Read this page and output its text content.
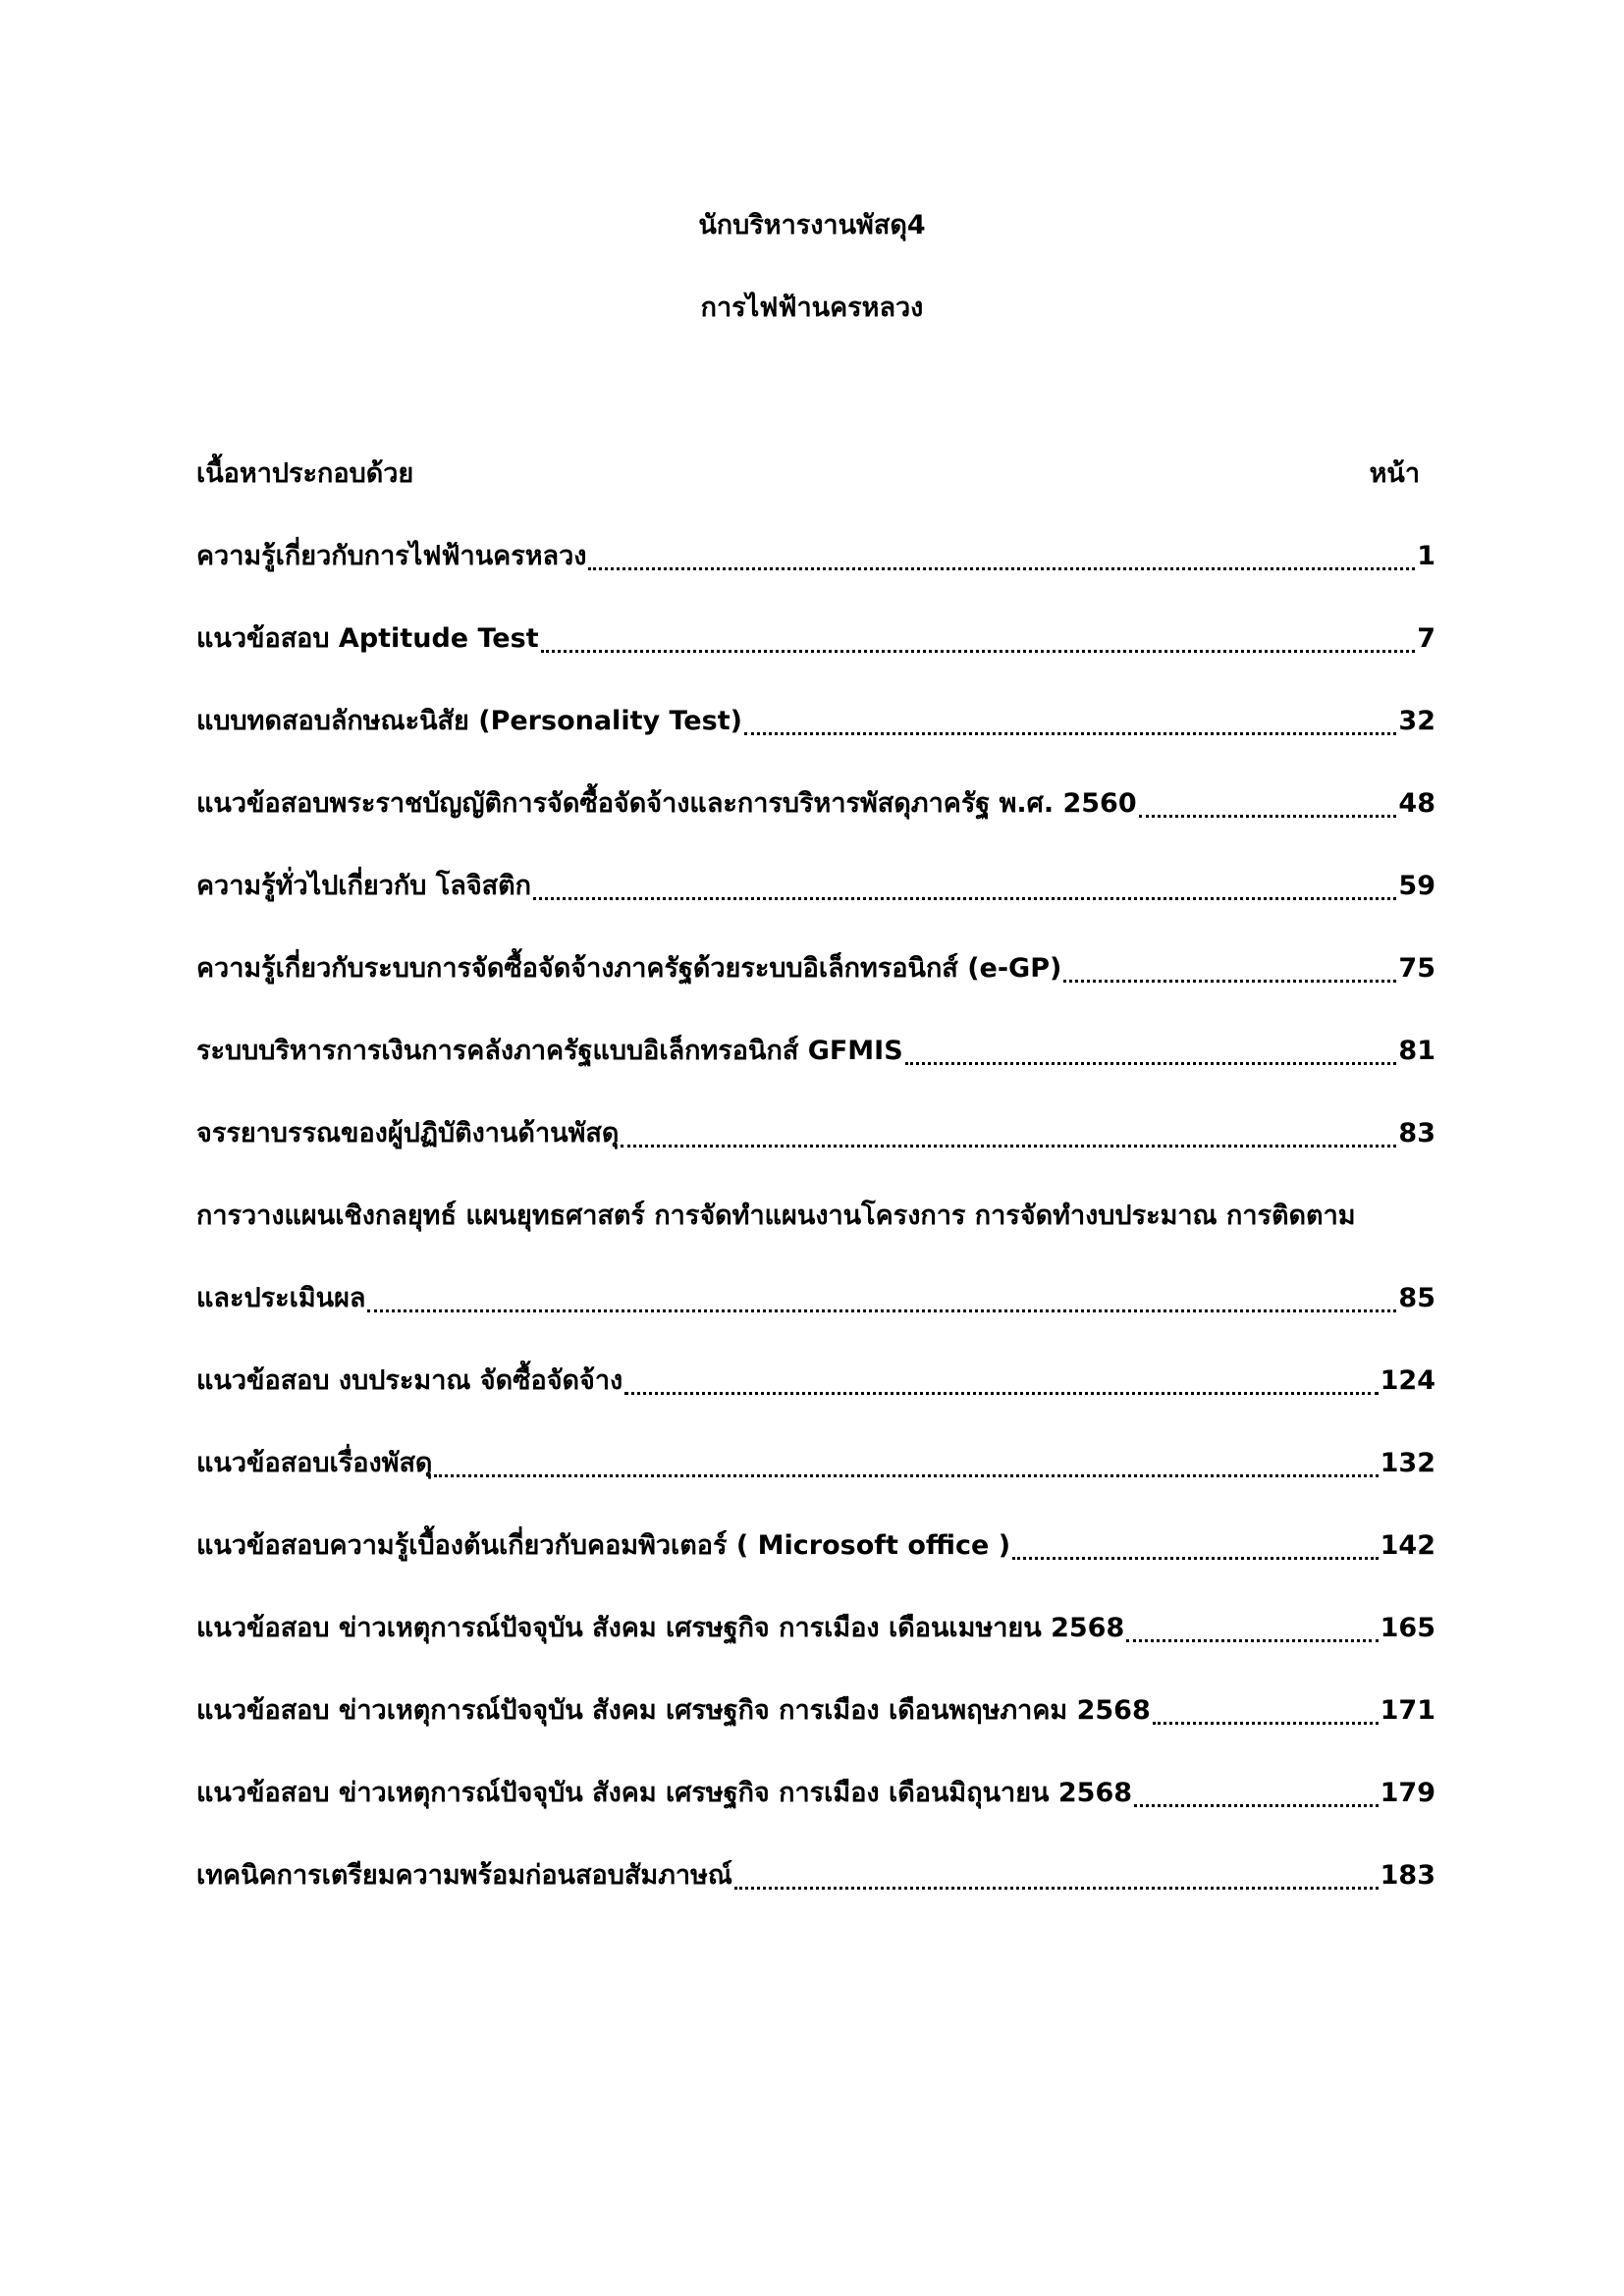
นักบริหารงานพัสดุ4
การไฟฟ้านครหลวง
เนื้อหาประกอบด้วย	หน้า
ความรู้เกี่ยวกับการไฟฟ้านครหลวง	1
แนวข้อสอบ Aptitude Test	7
แบบทดสอบลักษณะนิสัย (Personality Test)	32
แนวข้อสอบพระราชบัญญัติการจัดซื้อจัดจ้างและการบริหารพัสดุภาครัฐ พ.ศ. 2560	48
ความรู้ทั่วไปเกี่ยวกับ โลจิสติก	59
ความรู้เกี่ยวกับระบบการจัดซื้อจัดจ้างภาครัฐด้วยระบบอิเล็กทรอนิกส์ (e-GP)	75
ระบบบริหารการเงินการคลังภาครัฐแบบอิเล็กทรอนิกส์ GFMIS	81
จรรยาบรรณของผู้ปฏิบัติงานด้านพัสดุ	83
การวางแผนเชิงกลยุทธ์ แผนยุทธศาสตร์ การจัดทำแผนงานโครงการ การจัดทำงบประมาณ การติดตาม
และประเมินผล	85
แนวข้อสอบ งบประมาณ จัดซื้อจัดจ้าง	124
แนวข้อสอบเรื่องพัสดุ	132
แนวข้อสอบความรู้เบื้องต้นเกี่ยวกับคอมพิวเตอร์ ( Microsoft office )	142
แนวข้อสอบ ข่าวเหตุการณ์ปัจจุบัน สังคม เศรษฐกิจ การเมือง เดือนเมษายน 2568	165
แนวข้อสอบ ข่าวเหตุการณ์ปัจจุบัน สังคม เศรษฐกิจ การเมือง เดือนพฤษภาคม 2568	171
แนวข้อสอบ ข่าวเหตุการณ์ปัจจุบัน สังคม เศรษฐกิจ การเมือง เดือนมิถุนายน 2568	179
เทคนิคการเตรียมความพร้อมก่อนสอบสัมภาษณ์	183
